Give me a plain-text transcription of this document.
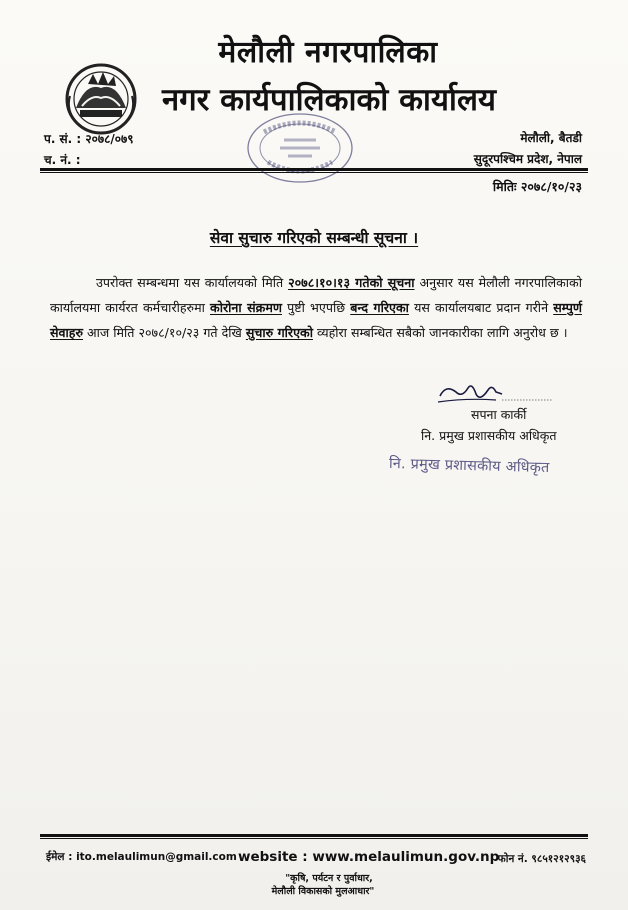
मेलौली नगरपालिका
नगर कार्यपालिकाको कार्यालय
प. सं. : २०७८/०७९
च. नं. :
मेलौली, बैतडी
सुदूरपश्चिम प्रदेश, नेपाल
मितिः २०७८/१०/२३
सेवा सुचारु गरिएको सम्बन्धी सूचना ।

उपरोक्त सम्बन्धमा यस कार्यालयको मिति २०७८।१०।१३ गतेको सूचना अनुसार यस मेलौली नगरपालिकाको कार्यालयमा कार्यरत कर्मचारीहरुमा कोरोना संक्रमण पुष्टी भएपछि बन्द गरिएका यस कार्यालयबाट प्रदान गरीने सम्पुर्ण सेवाहरु आज मिति २०७८/१०/२३ गते देखि सुचारु गरिएको व्यहोरा सम्बन्धित सबैको जानकारीका लागि अनुरोध छ ।

सपना कार्की
नि. प्रमुख प्रशासकीय अधिकृत
नि. प्रमुख प्रशासकीय अधिकृत
ईमेल : ito.melaulimun@gmail.com website : www.melaulimun.gov.np
"कृषि, पर्यटन र पुर्वाधार,
मेलौली विकासको मुलआधार"
फोन नं. ९८५१२१२९३६
